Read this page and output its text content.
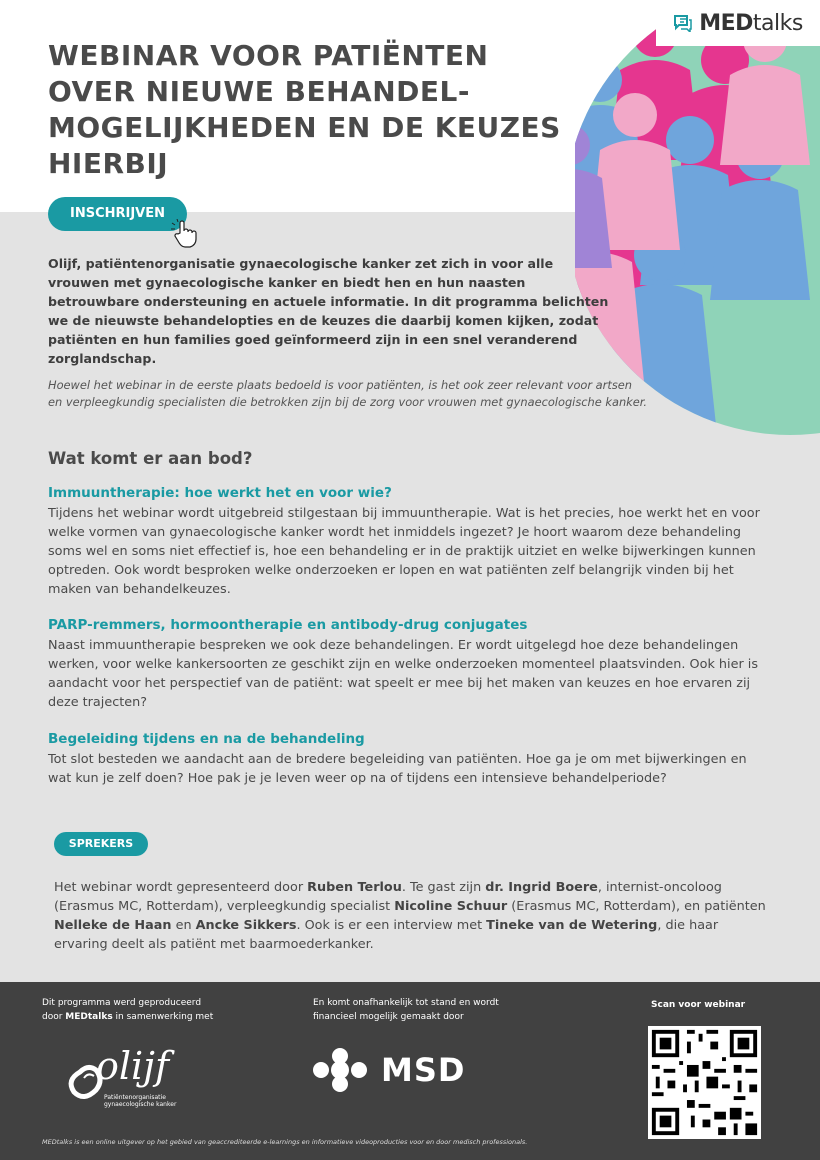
MEDtalks
WEBINAR VOOR PATIËNTEN OVER NIEUWE BEHANDEL-MOGELIJKHEDEN EN DE KEUZES HIERBIJ
INSCHRIJVEN

Olijf, patiëntenorganisatie gynaecologische kanker zet zich in voor alle vrouwen met gynaecologische kanker en biedt hen en hun naasten betrouwbare ondersteuning en actuele informatie. In dit programma belichten we de nieuwste behandelopties en de keuzes die daarbij komen kijken, zodat patiënten en hun families goed geïnformeerd zijn in een snel veranderend zorglandschap.

Hoewel het webinar in de eerste plaats bedoeld is voor patiënten, is het ook zeer relevant voor artsen en verpleegkundig specialisten die betrokken zijn bij de zorg voor vrouwen met gynaecologische kanker.

Wat komt er aan bod?
Immuuntherapie: hoe werkt het en voor wie?

Tijdens het webinar wordt uitgebreid stilgestaan bij immuuntherapie. Wat is het precies, hoe werkt het en voor welke vormen van gynaecologische kanker wordt het inmiddels ingezet? Je hoort waarom deze behandeling soms wel en soms niet effectief is, hoe een behandeling er in de praktijk uitziet en welke bijwerkingen kunnen optreden. Ook wordt besproken welke onderzoeken er lopen en wat patiënten zelf belangrijk vinden bij het maken van behandelkeuzes.

PARP-remmers, hormoontherapie en antibody-drug conjugates

Naast immuuntherapie bespreken we ook deze behandelingen. Er wordt uitgelegd hoe deze behandelingen werken, voor welke kankersoorten ze geschikt zijn en welke onderzoeken momenteel plaatsvinden. Ook hier is aandacht voor het perspectief van de patiënt: wat speelt er mee bij het maken van keuzes en hoe ervaren zij deze trajecten?

Begeleiding tijdens en na de behandeling

Tot slot besteden we aandacht aan de bredere begeleiding van patiënten. Hoe ga je om met bijwerkingen en wat kun je zelf doen? Hoe pak je je leven weer op na of tijdens een intensieve behandelperiode?

SPREKERS

Het webinar wordt gepresenteerd door Ruben Terlou. Te gast zijn dr. Ingrid Boere, internist-oncoloog (Erasmus MC, Rotterdam), verpleegkundig specialist Nicoline Schuur (Erasmus MC, Rotterdam), en patiënten Nelleke de Haan en Ancke Sikkers. Ook is er een interview met Tineke van de Wetering, die haar ervaring deelt als patiënt met baarmoederkanker.

Dit programma werd geproduceerd
door MEDtalks in samenwerking met
En komt onafhankelijk tot stand en wordt
financieel mogelijk gemaakt door
Scan voor webinar
olijf
Patiëntenorganisatie
gynaecologische kanker
MSD
MEDtalks is een online uitgever op het gebied van geaccrediteerde e-learnings en informatieve videoproducties voor en door medisch professionals.
